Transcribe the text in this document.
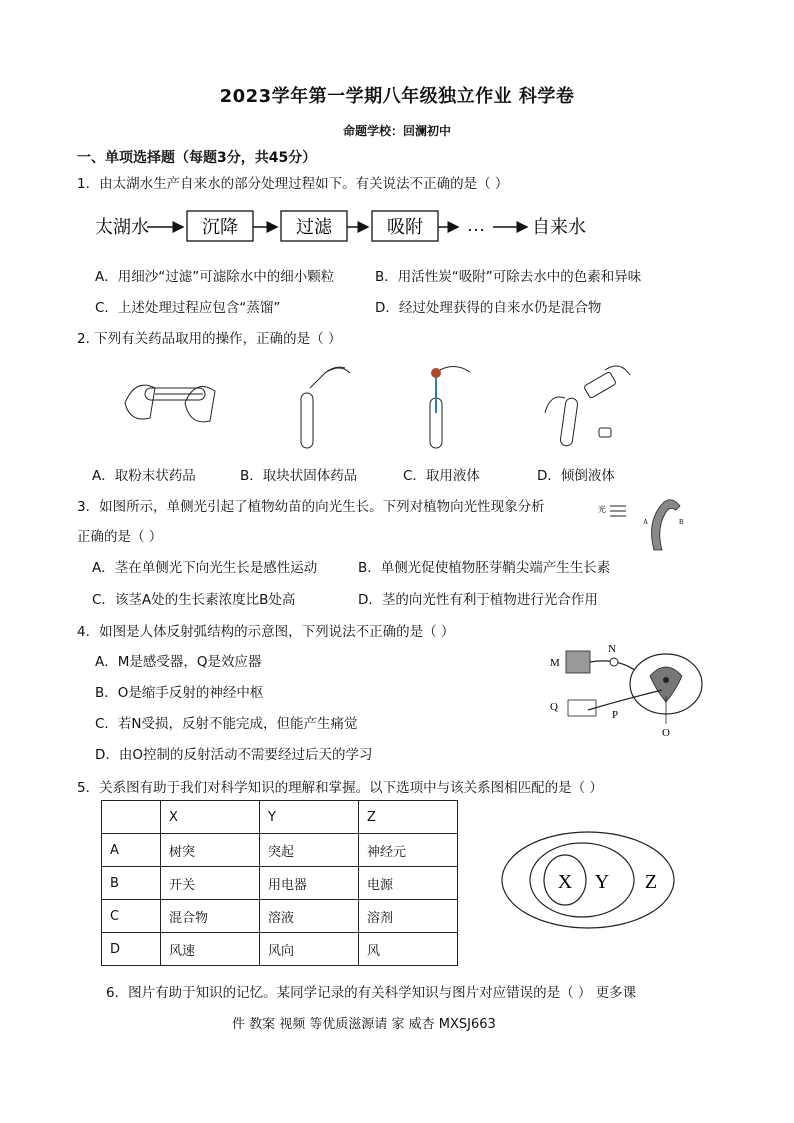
2023学年第一学期八年级独立作业 科学卷
命题学校：回澜初中
一、单项选择题（每题3分，共45分）
1．由太湖水生产自来水的部分处理过程如下。有关说法不正确的是（ ）
太湖水	沉降	过滤	吸附 …	自来水
A．用细沙“过滤”可滤除水中的细小颗粒	B．用活性炭“吸附”可除去水中的色素和异味
C．上述处理过程应包含“蒸馏”	D．经过处理获得的自来水仍是混合物
2. 下列有关药品取用的操作，正确的是（ ）
A．取粉末状药品	B．取块状固体药品	C．取用液体	D．倾倒液体
3．如图所示，单侧光引起了植物幼苗的向光生长。下列对植物向光性现象分析
正确的是（ ）
光
A	B
A．茎在单侧光下向光生长是感性运动	B．单侧光促使植物胚芽鞘尖端产生生长素
C．该茎A处的生长素浓度比B处高	D．茎的向光性有利于植物进行光合作用
4．如图是人体反射弧结构的示意图，下列说法不正确的是（ ）
A．M是感受器，Q是效应器
B．O是缩手反射的神经中枢
C．若N受损，反射不能完成，但能产生痛觉
D．由O控制的反射活动不需要经过后天的学习
M
N
Q
P
O
5．关系图有助于我们对科学知识的理解和掌握。以下选项中与该关系图相匹配的是（ ）
	X	Y	Z
A	树突	突起	神经元
B	开关	用电器	电源
C	混合物	溶液	溶剂
D	风速	风向	风
X Y Z
6．图片有助于知识的记忆。某同学记录的有关科学知识与图片对应错误的是（ ） 更多课
件 教案 视频 等优质滋源请 家 威杏 MXSJ663
